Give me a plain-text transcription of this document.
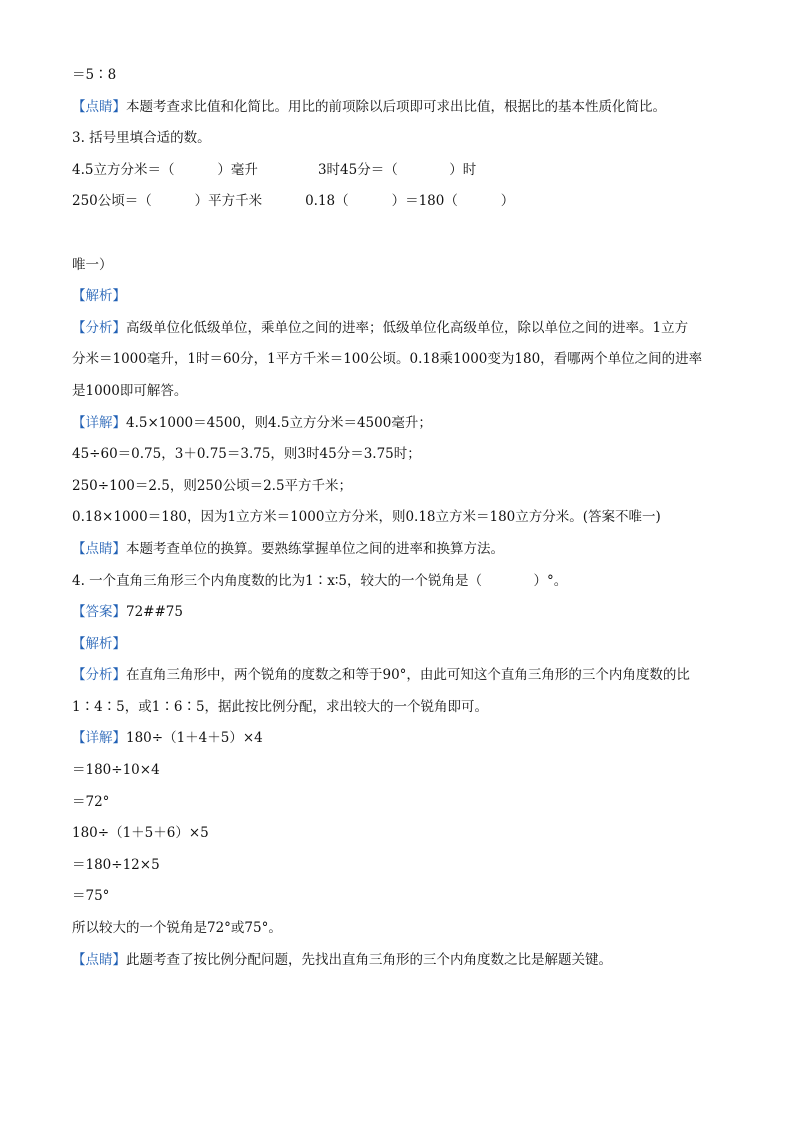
＝5∶8
【点睛】本题考查求比值和化简比。用比的前项除以后项即可求出比值，根据比的基本性质化简比。
3. 括号里填合适的数。
4.5立方分米＝（          ）毫升              3时45分＝（            ）时
250公顷＝（          ）平方千米          0.18（          ）＝180（          ）

唯一）
【解析】
【分析】高级单位化低级单位，乘单位之间的进率；低级单位化高级单位，除以单位之间的进率。1立方
分米＝1000毫升，1时＝60分，1平方千米＝100公顷。0.18乘1000变为180，看哪两个单位之间的进率
是1000即可解答。
【详解】4.5×1000＝4500，则4.5立方分米＝4500毫升；
45÷60＝0.75，3＋0.75＝3.75，则3时45分＝3.75时；
250÷100＝2.5，则250公顷＝2.5平方千米；
0.18×1000＝180，因为1立方米＝1000立方分米，则0.18立方米＝180立方分米。(答案不唯一)
【点睛】本题考查单位的换算。要熟练掌握单位之间的进率和换算方法。
4. 一个直角三角形三个内角度数的比为1∶x∶5，较大的一个锐角是（            ）°。
【答案】72##75
【解析】
【分析】在直角三角形中，两个锐角的度数之和等于90°，由此可知这个直角三角形的三个内角度数的比
1∶4∶5，或1∶6∶5，据此按比例分配，求出较大的一个锐角即可。
【详解】180÷（1＋4＋5）×4
＝180÷10×4
＝72°
180÷（1＋5＋6）×5
＝180÷12×5
＝75°
所以较大的一个锐角是72°或75°。
【点睛】此题考查了按比例分配问题，先找出直角三角形的三个内角度数之比是解题关键。
